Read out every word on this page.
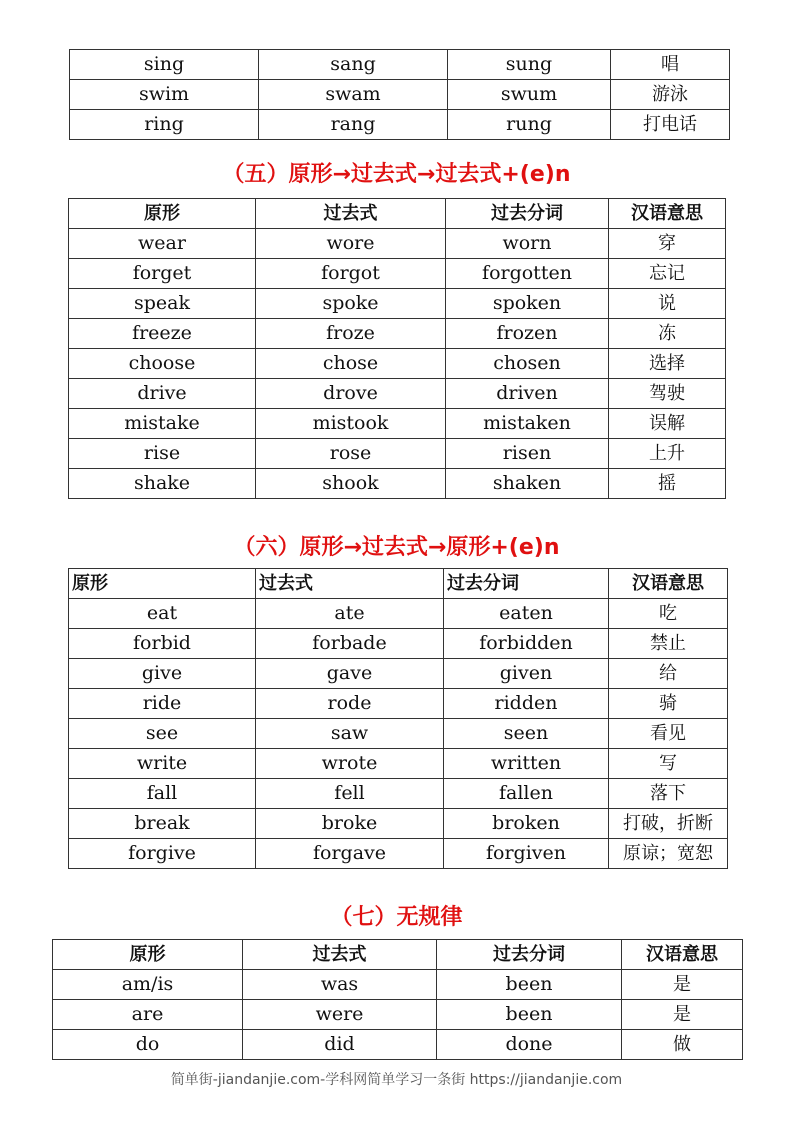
sing	sang	sung	唱
swim	swam	swum	游泳
ring	rang	rung	打电话
（五）原形→过去式→过去式+(e)n
原形	过去式	过去分词	汉语意思
wear	wore	worn	穿
forget	forgot	forgotten	忘记
speak	spoke	spoken	说
freeze	froze	frozen	冻
choose	chose	chosen	选择
drive	drove	driven	驾驶
mistake	mistook	mistaken	误解
rise	rose	risen	上升
shake	shook	shaken	摇
（六）原形→过去式→原形+(e)n
原形	过去式	过去分词	汉语意思
eat	ate	eaten	吃
forbid	forbade	forbidden	禁止
give	gave	given	给
ride	rode	ridden	骑
see	saw	seen	看见
write	wrote	written	写
fall	fell	fallen	落下
break	broke	broken	打破，折断
forgive	forgave	forgiven	原谅；宽恕
（七）无规律
原形	过去式	过去分词	汉语意思
am/is	was	been	是
are	were	been	是
do	did	done	做
简单街-jiandanjie.com-学科网简单学习一条街 https://jiandanjie.com
